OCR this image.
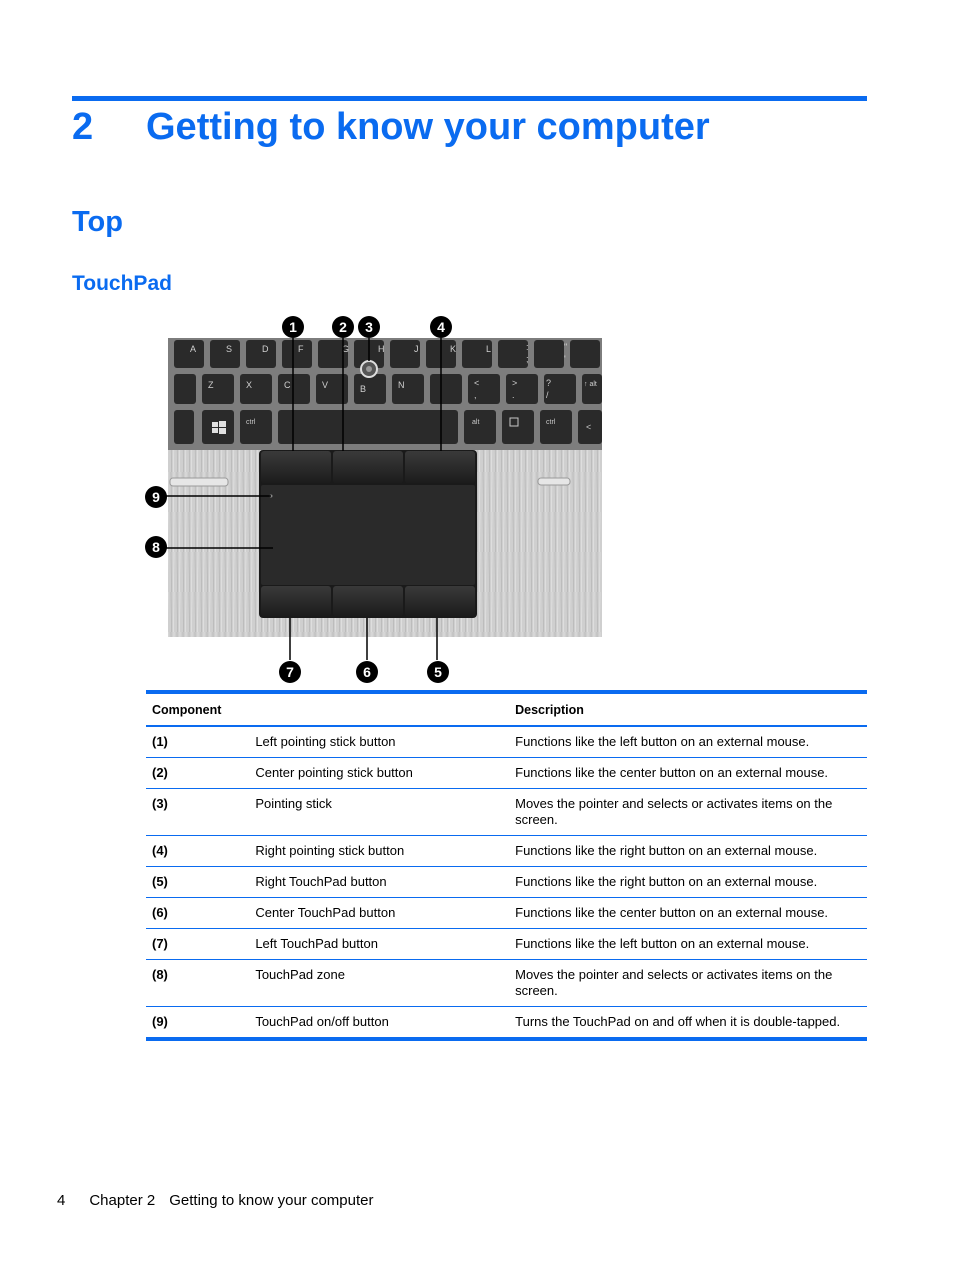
2 Getting to know your computer
Top
TouchPad
A	S	D	F	G	H	J	K	L	:
;
"
'
Z	X	C	V	B	N	<
,
>
.
?
/
↑ alt
ctrl	alt	ctrl	<
1	2 3	4
5
6
7
8
9
Component		Description
(1)	Left pointing stick button	Functions like the left button on an external mouse.
(2)	Center pointing stick button	Functions like the center button on an external mouse.
(3)	Pointing stick	Moves the pointer and selects or activates items on the screen.
(4)	Right pointing stick button	Functions like the right button on an external mouse.
(5)	Right TouchPad button	Functions like the right button on an external mouse.
(6)	Center TouchPad button	Functions like the center button on an external mouse.
(7)	Left TouchPad button	Functions like the left button on an external mouse.
(8)	TouchPad zone	Moves the pointer and selects or activates items on the screen.
(9)	TouchPad on/off button	Turns the TouchPad on and off when it is double-tapped.
4 Chapter 2 Getting to know your computer
